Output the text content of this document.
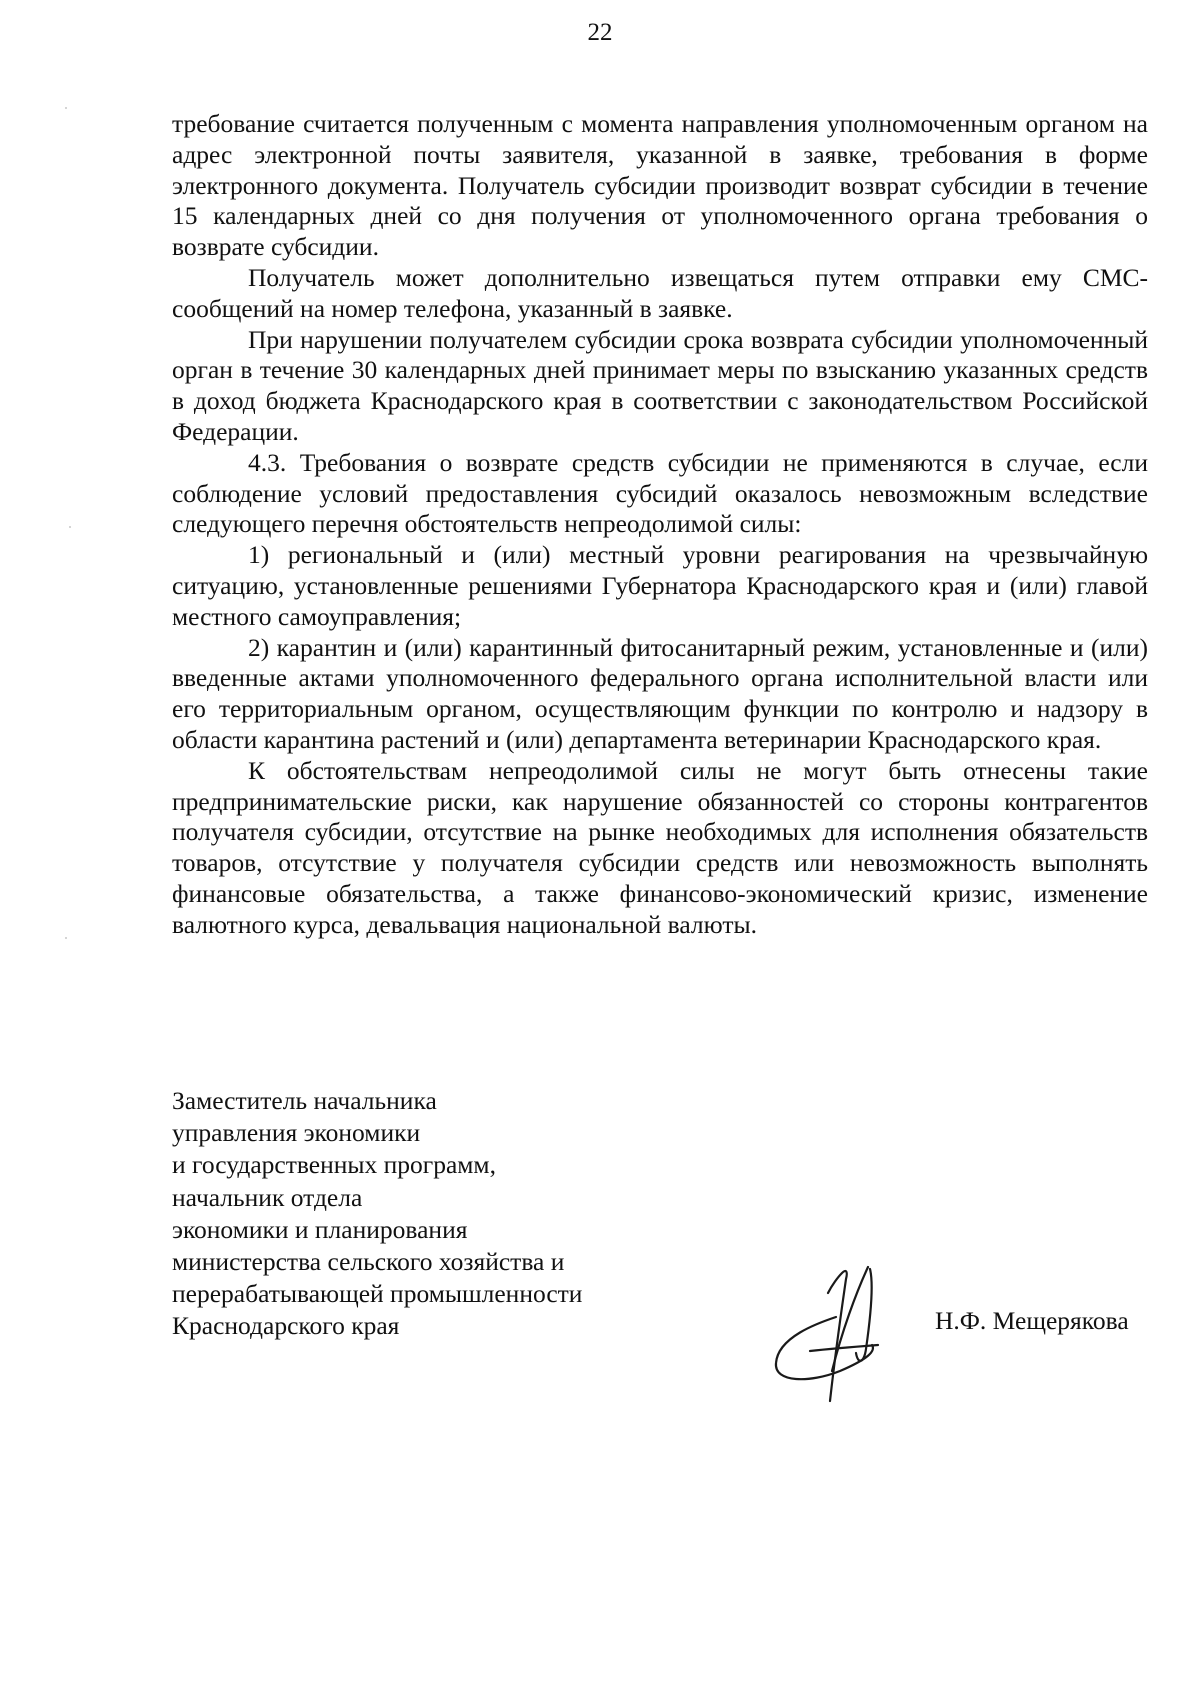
22

требование считается полученным с момента направления уполномоченным органом на адрес электронной почты заявителя, указанной в заявке, требования в форме электронного документа. Получатель субсидии производит возврат субсидии в течение 15 календарных дней со дня получения от уполномоченного органа требования о возврате субсидии.

Получатель может дополнительно извещаться путем отправки ему СМС-сообщений на номер телефона, указанный в заявке.

При нарушении получателем субсидии срока возврата субсидии уполномоченный орган в течение 30 календарных дней принимает меры по взысканию указанных средств в доход бюджета Краснодарского края в соответствии с законодательством Российской Федерации.

4.3. Требования о возврате средств субсидии не применяются в случае, если соблюдение условий предоставления субсидий оказалось невозможным вследствие следующего перечня обстоятельств непреодолимой силы:

1) региональный и (или) местный уровни реагирования на чрезвычайную ситуацию, установленные решениями Губернатора Краснодарского края и (или) главой местного самоуправления;

2) карантин и (или) карантинный фитосанитарный режим, установленные и (или) введенные актами уполномоченного федерального органа исполнительной власти или его территориальным органом, осуществляющим функции по контролю и надзору в области карантина растений и (или) департамента ветеринарии Краснодарского края.

К обстоятельствам непреодолимой силы не могут быть отнесены такие предпринимательские риски, как нарушение обязанностей со стороны контрагентов получателя субсидии, отсутствие на рынке необходимых для исполнения обязательств товаров, отсутствие у получателя субсидии средств или невозможность выполнять финансовые обязательства, а также финансово-экономический кризис, изменение валютного курса, девальвация национальной валюты.

Заместитель начальника
управления экономики
и государственных программ,
начальник отдела
экономики и планирования
министерства сельского хозяйства и
перерабатывающей промышленности
Краснодарского края	Н.Ф. Мещерякова
